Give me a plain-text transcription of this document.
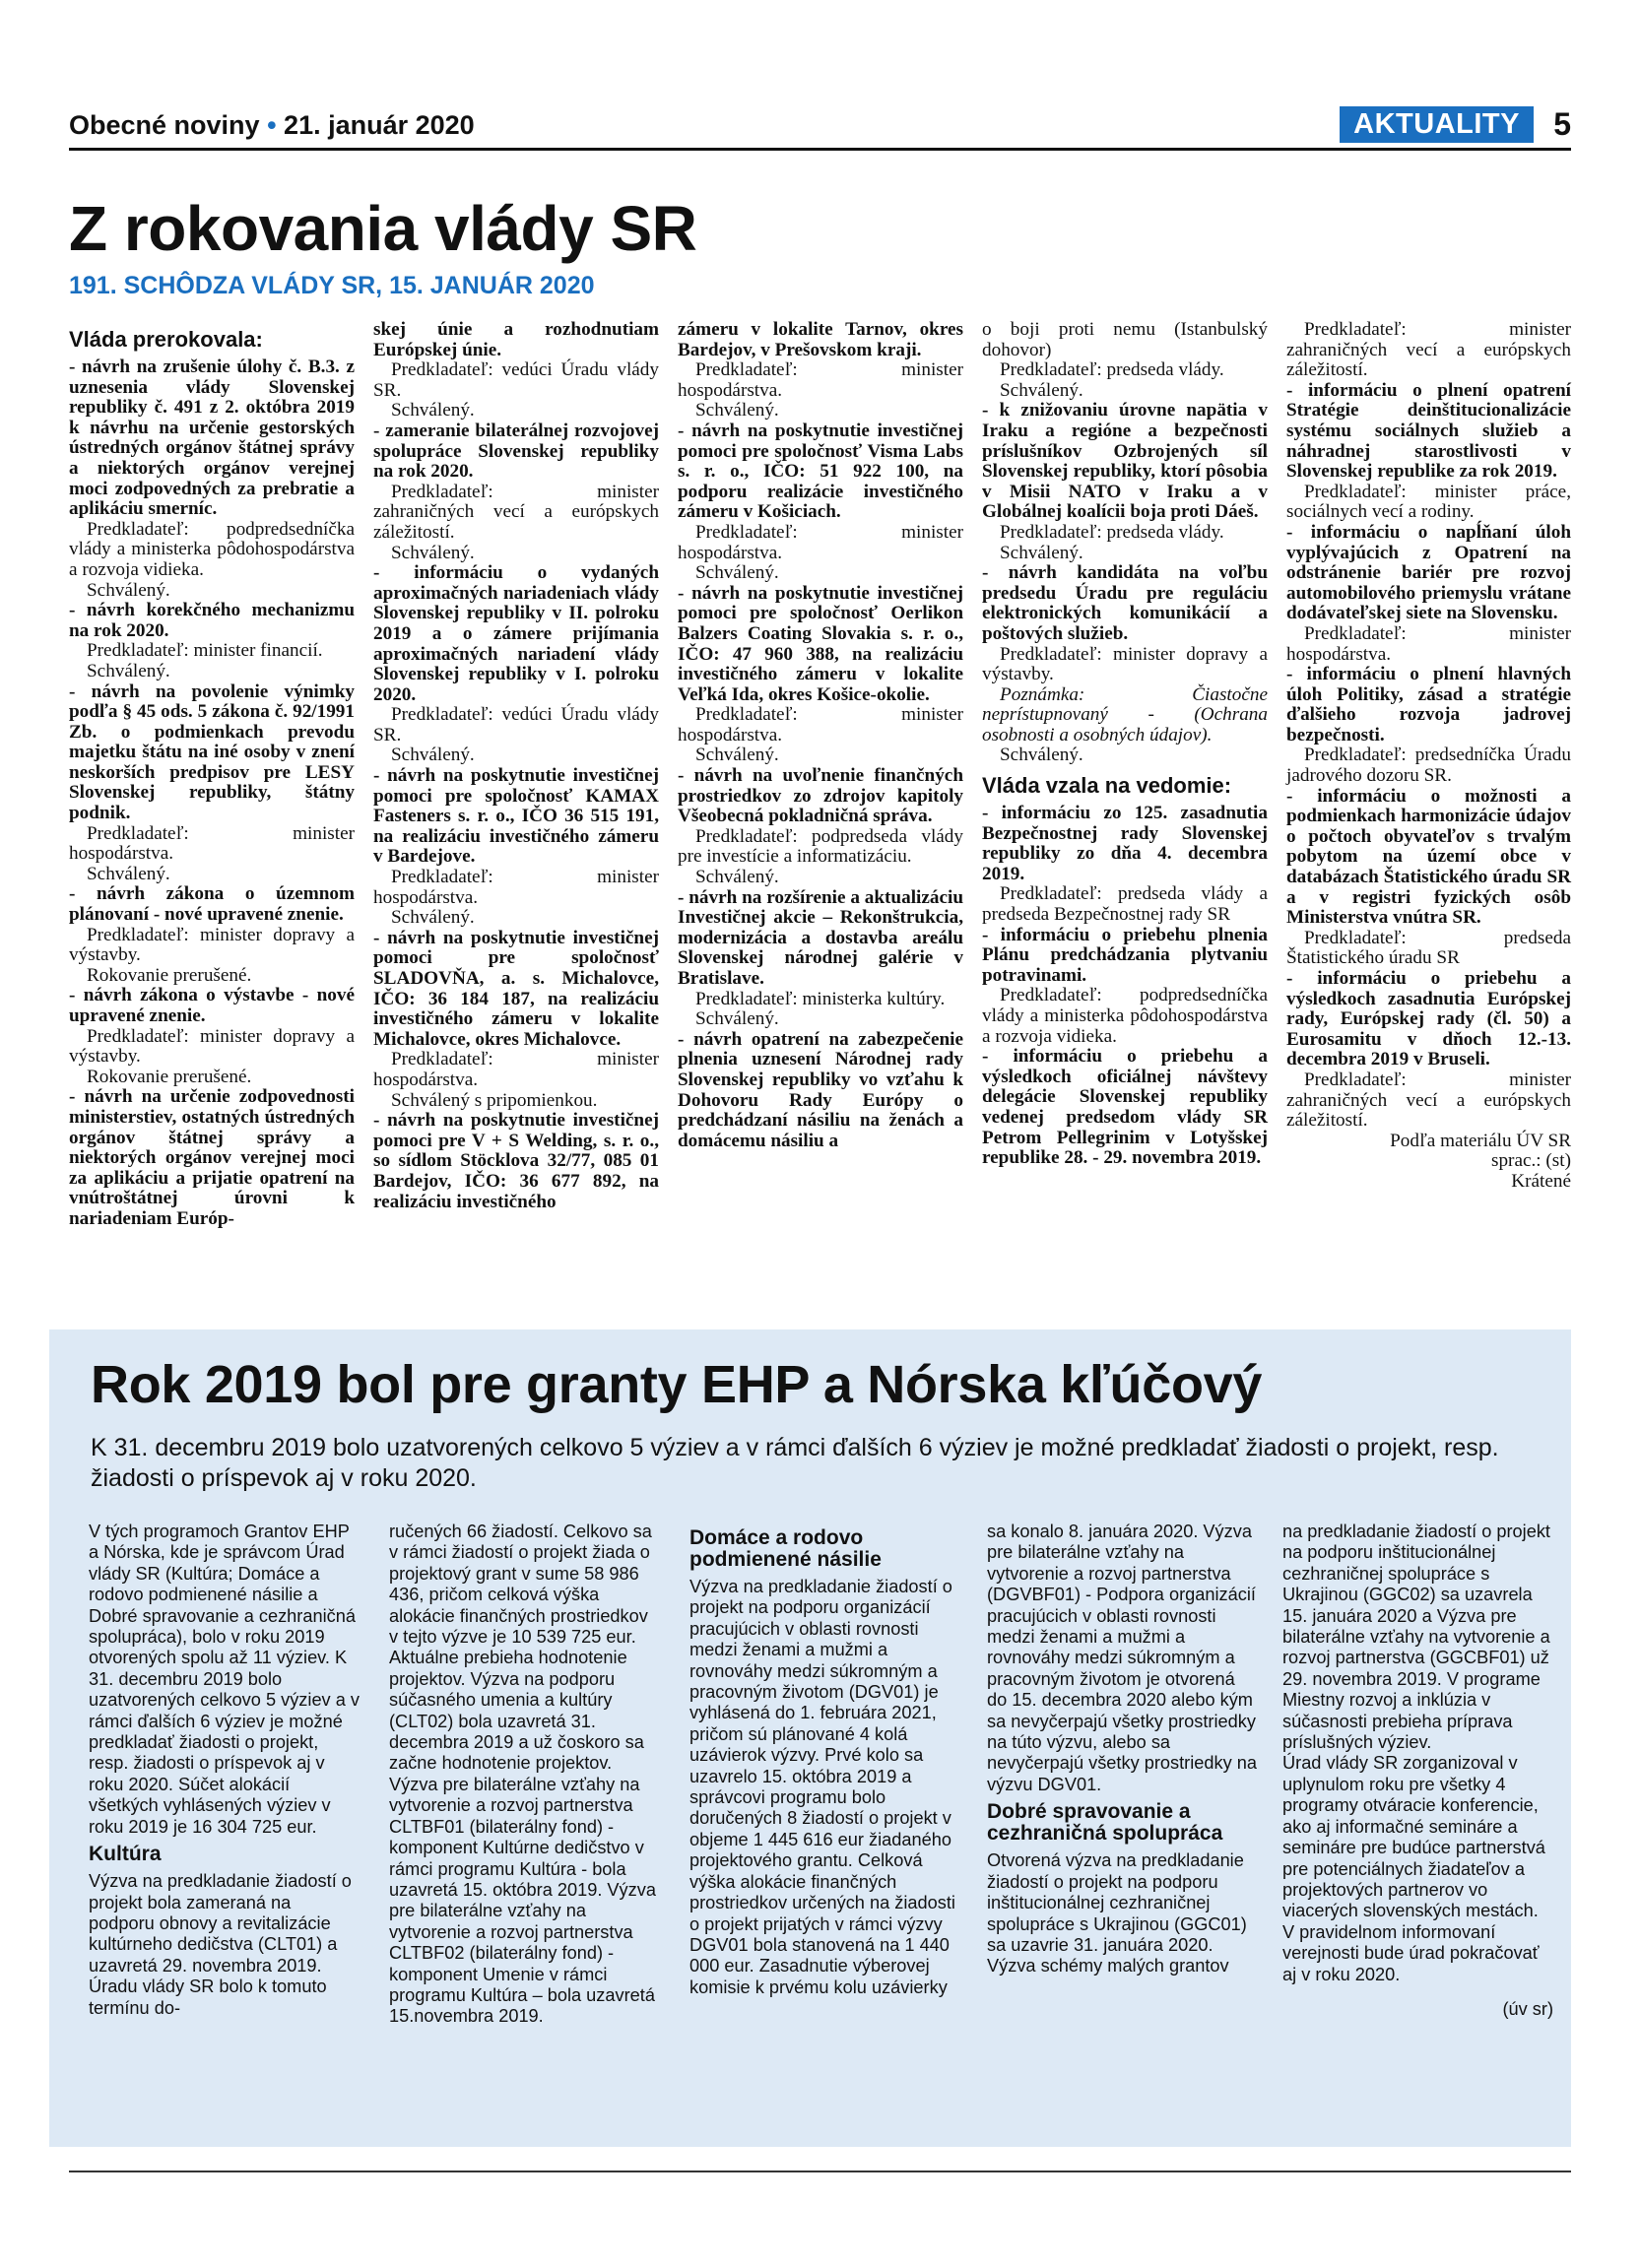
Obecné noviny • 21. január 2020	AKTUALITY	5
Z rokovania vlády SR
191. SCHÔDZA VLÁDY SR, 15. JANUÁR 2020

Vláda prerokovala:

- návrh na zrušenie úlohy č. B.3. z uznesenia vlády Slovenskej republiky č. 491 z 2. októbra 2019 k návrhu na určenie gestorských ústredných orgánov štátnej správy a niektorých orgánov verejnej moci zodpovedných za prebratie a aplikáciu smerníc.

Predkladateľ: podpredsedníčka vlády a ministerka pôdohospodárstva a rozvoja vidieka.

Schválený.

- návrh korekčného mechanizmu na rok 2020.

Predkladateľ: minister financií.

Schválený.

- návrh na povolenie výnimky podľa § 45 ods. 5 zákona č. 92/1991 Zb. o podmienkach prevodu majetku štátu na iné osoby v znení neskorších predpisov pre LESY Slovenskej republiky, štátny podnik.

Predkladateľ: minister hospodárstva.

Schválený.

- návrh zákona o územnom plánovaní - nové upravené znenie.

Predkladateľ: minister dopravy a výstavby.

Rokovanie prerušené.

- návrh zákona o výstavbe - nové upravené znenie.

Predkladateľ: minister dopravy a výstavby.

Rokovanie prerušené.

- návrh na určenie zodpovednosti ministerstiev, ostatných ústredných orgánov štátnej správy a niektorých orgánov verejnej moci za aplikáciu a prijatie opatrení na vnútroštátnej úrovni k nariadeniam Európ-

skej únie a rozhodnutiam Európskej únie.

Predkladateľ: vedúci Úradu vlády SR.

Schválený.

- zameranie bilaterálnej rozvojovej spolupráce Slovenskej republiky na rok 2020.

Predkladateľ: minister zahraničných vecí a európskych záležitostí.

Schválený.

- informáciu o vydaných aproximačných nariadeniach vlády Slovenskej republiky v II. polroku 2019 a o zámere prijímania aproximačných nariadení vlády Slovenskej republiky v I. polroku 2020.

Predkladateľ: vedúci Úradu vlády SR.

Schválený.

- návrh na poskytnutie investičnej pomoci pre spoločnosť KAMAX Fasteners s. r. o., IČO 36 515 191, na realizáciu investičného zámeru v Bardejove.

Predkladateľ: minister hospodárstva.

Schválený.

- návrh na poskytnutie investičnej pomoci pre spoločnosť SLADOVŇA, a. s. Michalovce, IČO: 36 184 187, na realizáciu investičného zámeru v lokalite Michalovce, okres Michalovce.

Predkladateľ: minister hospodárstva.

Schválený s pripomienkou.

- návrh na poskytnutie investičnej pomoci pre V + S Welding, s. r. o., so sídlom Stöcklova 32/77, 085 01 Bardejov, IČO: 36 677 892, na realizáciu investičného

zámeru v lokalite Tarnov, okres Bardejov, v Prešovskom kraji.

Predkladateľ: minister hospodárstva.

Schválený.

- návrh na poskytnutie investičnej pomoci pre spoločnosť Visma Labs s. r. o., IČO: 51 922 100, na podporu realizácie investičného zámeru v Košiciach.

Predkladateľ: minister hospodárstva.

Schválený.

- návrh na poskytnutie investičnej pomoci pre spoločnosť Oerlikon Balzers Coating Slovakia s. r. o., IČO: 47 960 388, na realizáciu investičného zámeru v lokalite Veľká Ida, okres Košice-okolie.

Predkladateľ: minister hospodárstva.

Schválený.

- návrh na uvoľnenie finančných prostriedkov zo zdrojov kapitoly Všeobecná pokladničná správa.

Predkladateľ: podpredseda vlády pre investície a informatizáciu.

Schválený.

- návrh na rozšírenie a aktualizáciu Investičnej akcie – Rekonštrukcia, modernizácia a dostavba areálu Slovenskej národnej galérie v Bratislave.

Predkladateľ: ministerka kultúry.

Schválený.

- návrh opatrení na zabezpečenie plnenia uznesení Národnej rady Slovenskej republiky vo vzťahu k Dohovoru Rady Európy o predchádzaní násiliu na ženách a domácemu násiliu a

o boji proti nemu (Istanbulský dohovor)

Predkladateľ: predseda vlády.

Schválený.

- k znižovaniu úrovne napätia v Iraku a regióne a bezpečnosti príslušníkov Ozbrojených síl Slovenskej republiky, ktorí pôsobia v Misii NATO v Iraku a v Globálnej koalícii boja proti Dáeš.

Predkladateľ: predseda vlády.

Schválený.

- návrh kandidáta na voľbu predsedu Úradu pre reguláciu elektronických komunikácií a poštových služieb.

Predkladateľ: minister dopravy a výstavby.

Poznámka: Čiastočne neprístupnovaný - (Ochrana osobnosti a osobných údajov).

Schválený.

Vláda vzala na vedomie:

- informáciu zo 125. zasadnutia Bezpečnostnej rady Slovenskej republiky zo dňa 4. decembra 2019.

Predkladateľ: predseda vlády a predseda Bezpečnostnej rady SR

- informáciu o priebehu plnenia Plánu predchádzania plytvaniu potravinami.

Predkladateľ: podpredsedníčka vlády a ministerka pôdohospodárstva a rozvoja vidieka.

- informáciu o priebehu a výsledkoch oficiálnej návštevy delegácie Slovenskej republiky vedenej predsedom vlády SR Petrom Pellegrinim v Lotyšskej republike 28. - 29. novembra 2019.

Predkladateľ: minister zahraničných vecí a európskych záležitostí.

- informáciu o plnení opatrení Stratégie deinštitucionalizácie systému sociálnych služieb a náhradnej starostlivosti v Slovenskej republike za rok 2019.

Predkladateľ: minister práce, sociálnych vecí a rodiny.

- informáciu o napĺňaní úloh vyplývajúcich z Opatrení na odstránenie bariér pre rozvoj automobilového priemyslu vrátane dodávateľskej siete na Slovensku.

Predkladateľ: minister hospodárstva.

- informáciu o plnení hlavných úloh Politiky, zásad a stratégie ďalšieho rozvoja jadrovej bezpečnosti.

Predkladateľ: predsedníčka Úradu jadrového dozoru SR.

- informáciu o možnosti a podmienkach harmonizácie údajov o počtoch obyvateľov s trvalým pobytom na území obce v databázach Štatistického úradu SR a v registri fyzických osôb Ministerstva vnútra SR.

Predkladateľ: predseda Štatistického úradu SR

- informáciu o priebehu a výsledkoch zasadnutia Európskej rady, Európskej rady (čl. 50) a Eurosamitu v dňoch 12.-13. decembra 2019 v Bruseli.

Predkladateľ: minister zahraničných vecí a európskych záležitostí.

Podľa materiálu ÚV SR

sprac.: (st)

Krátené

Rok 2019 bol pre granty EHP a Nórska kľúčový
K 31. decembru 2019 bolo uzatvorených celkovo 5 výziev a v rámci ďalších 6 výziev je možné predkladať žiadosti o projekt, resp. žiadosti o príspevok aj v roku 2020.

V tých programoch Grantov EHP a Nórska, kde je správcom Úrad vlády SR (Kultúra; Domáce a rodovo podmienené násilie a Dobré spravovanie a cezhraničná spolupráca), bolo v roku 2019 otvorených spolu až 11 výziev. K 31. decembru 2019 bolo uzatvorených celkovo 5 výziev a v rámci ďalších 6 výziev je možné predkladať žiadosti o projekt, resp. žiadosti o príspevok aj v roku 2020. Súčet alokácií všetkých vyhlásených výziev v roku 2019 je 16 304 725 eur.

Kultúra

Výzva na predkladanie žiadostí o projekt bola zameraná na podporu obnovy a revitalizácie kultúrneho dedičstva (CLT01) a uzavretá 29. novembra 2019. Úradu vlády SR bolo k tomuto termínu do-

ručených 66 žiadostí. Celkovo sa v rámci žiadostí o projekt žiada o projektový grant v sume 58 986 436, pričom celková výška alokácie finančných prostriedkov v tejto výzve je 10 539 725 eur. Aktuálne prebieha hodnotenie projektov. Výzva na podporu súčasného umenia a kultúry (CLT02) bola uzavretá 31. decembra 2019 a už čoskoro sa začne hodnotenie projektov. Výzva pre bilaterálne vzťahy na vytvorenie a rozvoj partnerstva CLTBF01 (bilaterálny fond) - komponent Kultúrne dedičstvo v rámci programu Kultúra - bola uzavretá 15. októbra 2019. Výzva pre bilaterálne vzťahy na vytvorenie a rozvoj partnerstva CLTBF02 (bilaterálny fond) - komponent Umenie v rámci programu Kultúra – bola uzavretá 15.novembra 2019.

Domáce a rodovo podmienené násilie

Výzva na predkladanie žiadostí o projekt na podporu organizácií pracujúcich v oblasti rovnosti medzi ženami a mužmi a rovnováhy medzi súkromným a pracovným životom (DGV01) je vyhlásená do 1. februára 2021, pričom sú plánované 4 kolá uzávierok výzvy. Prvé kolo sa uzavrelo 15. októbra 2019 a správcovi programu bolo doručených 8 žiadostí o projekt v objeme 1 445 616 eur žiadaného projektového grantu. Celková výška alokácie finančných prostriedkov určených na žiadosti o projekt prijatých v rámci výzvy DGV01 bola stanovená na 1 440 000 eur. Zasadnutie výberovej komisie k prvému kolu uzávierky

sa konalo 8. januára 2020. Výzva pre bilaterálne vzťahy na vytvorenie a rozvoj partnerstva (DGVBF01) - Podpora organizácií pracujúcich v oblasti rovnosti medzi ženami a mužmi a rovnováhy medzi súkromným a pracovným životom je otvorená do 15. decembra 2020 alebo kým sa nevyčerpajú všetky prostriedky na túto výzvu, alebo sa nevyčerpajú všetky prostriedky na výzvu DGV01.

Dobré spravovanie a cezhraničná spolupráca

Otvorená výzva na predkladanie žiadostí o projekt na podporu inštitucionálnej cezhraničnej spolupráce s Ukrajinou (GGC01) sa uzavrie 31. januára 2020. Výzva schémy malých grantov

na predkladanie žiadostí o projekt na podporu inštitucionálnej cezhraničnej spolupráce s Ukrajinou (GGC02) sa uzavrela 15. januára 2020 a Výzva pre bilaterálne vzťahy na vytvorenie a rozvoj partnerstva (GGCBF01) už 29. novembra 2019. V programe Miestny rozvoj a inklúzia v súčasnosti prebieha príprava príslušných výziev.

Úrad vlády SR zorganizoval v uplynulom roku pre všetky 4 programy otváracie konferencie, ako aj informačné semináre a semináre pre budúce partnerstvá pre potenciálnych žiadateľov a projektových partnerov vo viacerých slovenských mestách. V pravidelnom informovaní verejnosti bude úrad pokračovať aj v roku 2020.

(úv sr)
